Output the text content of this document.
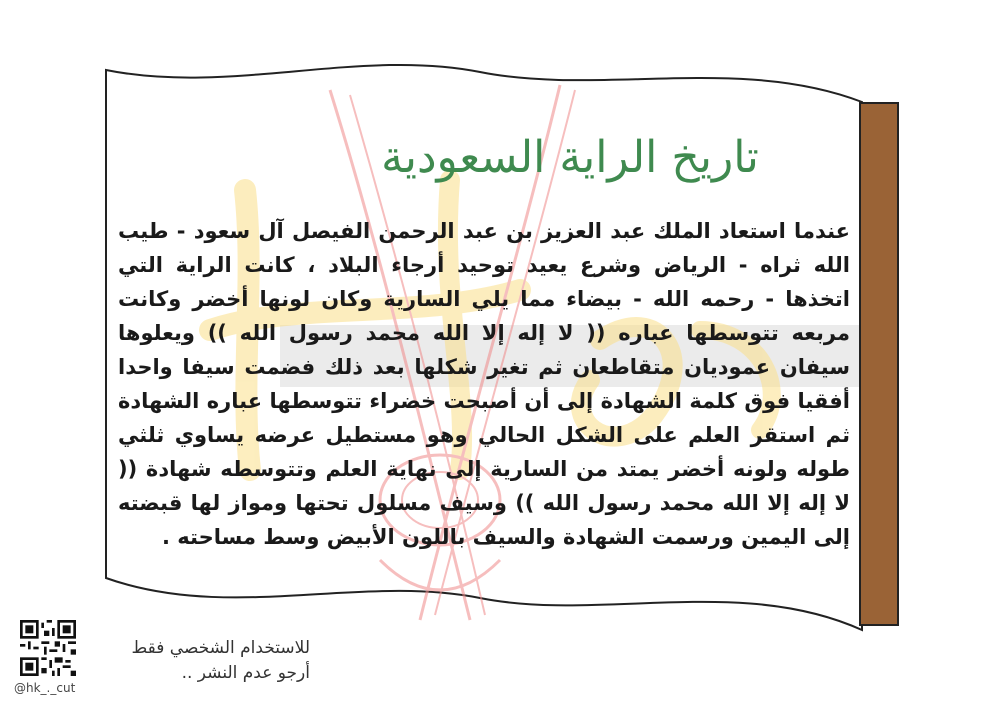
تاريخ الراية السعودية
عندما استعاد الملك عبد العزيز بن عبد الرحمن الفيصل آل سعود - طيب الله ثراه - الرياض وشرع يعيد توحيد أرجاء البلاد ، كانت الراية التي اتخذها - رحمه الله - بيضاء مما يلي السارية وكان لونها أخضر وكانت مربعه تتوسطها عباره (( لا إله إلا الله محمد رسول الله )) ويعلوها سيفان عموديان متقاطعان ثم تغير شكلها بعد ذلك فضمت سيفا واحدا أفقيا فوق كلمة الشهادة إلى أن أصبحت خضراء تتوسطها عباره الشهادة ثم استقر العلم على الشكل الحالي وهو مستطيل عرضه يساوي ثلثي طوله ولونه أخضر يمتد من السارية إلى نهاية العلم وتتوسطه شهادة (( لا إله إلا الله محمد رسول الله )) وسيف مسلول تحتها ومواز لها قبضته إلى اليمين ورسمت الشهادة والسيف باللون الأبيض وسط مساحته .
@hk_._cut
للاستخدام الشخصي فقط
أرجو عدم النشر ..
